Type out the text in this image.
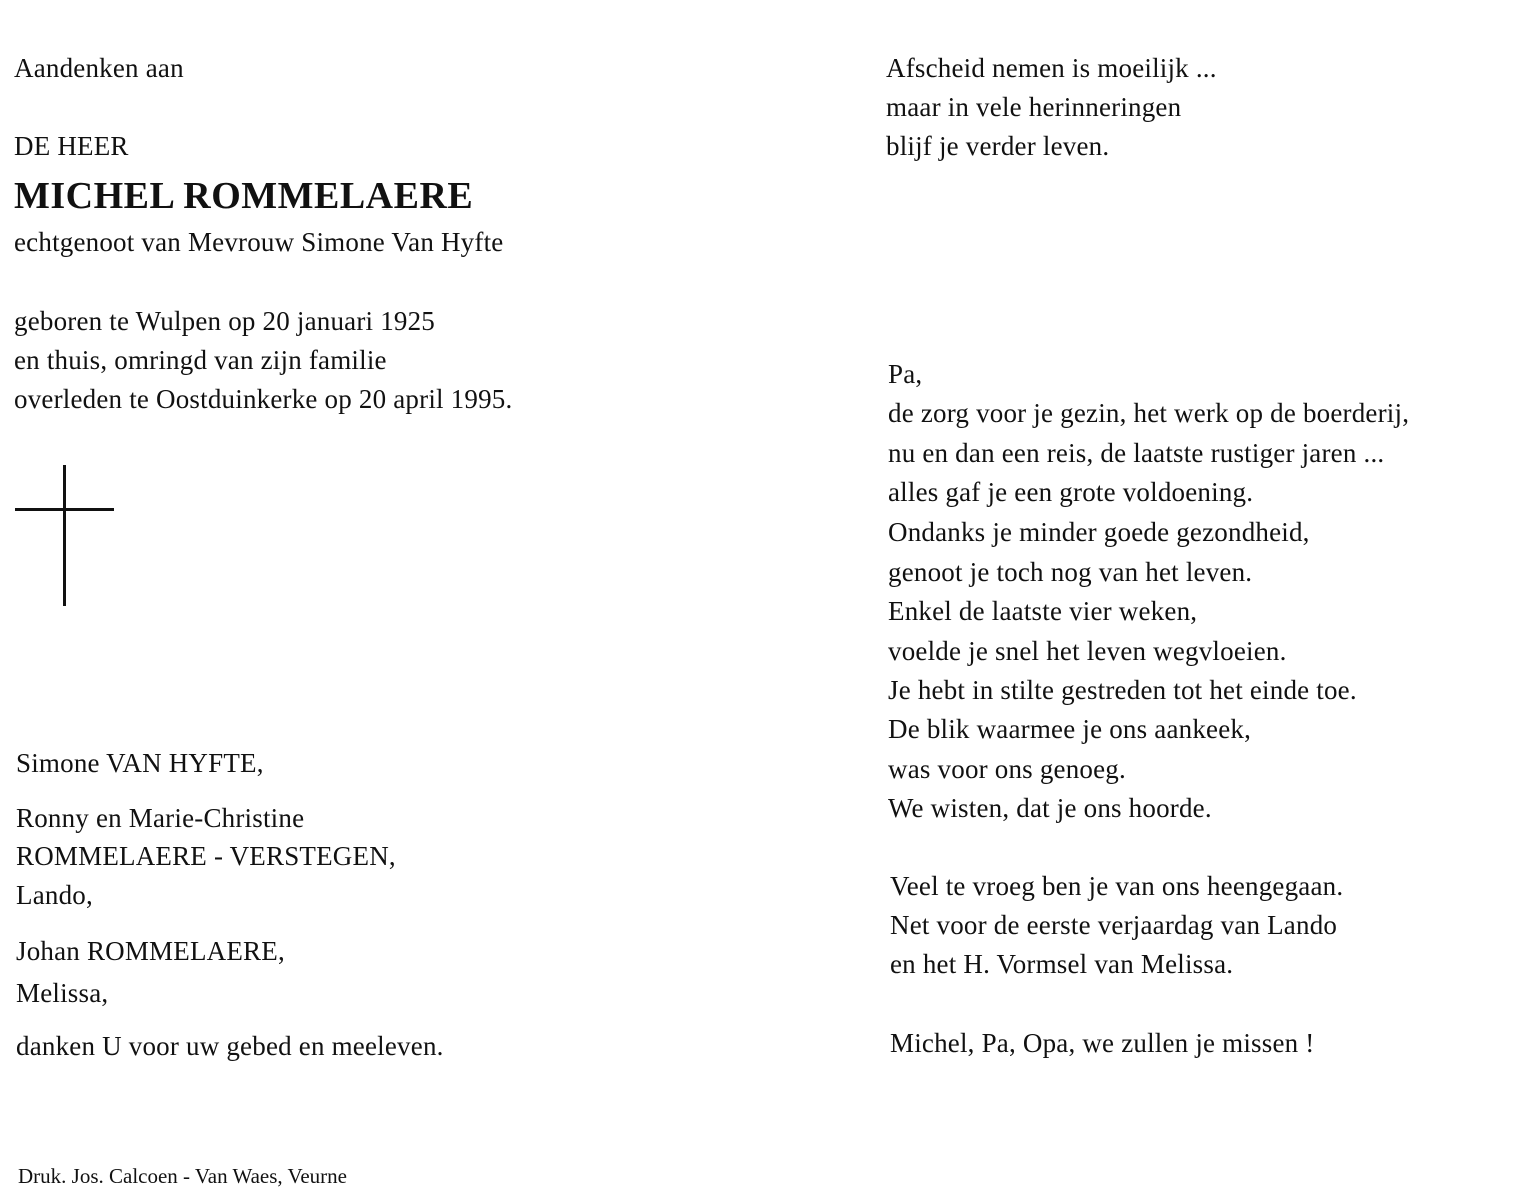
Aandenken aan
DE HEER
MICHEL ROMMELAERE
echtgenoot van Mevrouw Simone Van Hyfte
geboren te Wulpen op 20 januari 1925
en thuis, omringd van zijn familie
overleden te Oostduinkerke op 20 april 1995.
Simone VAN HYFTE,
Ronny en Marie-Christine
ROMMELAERE - VERSTEGEN,
Lando,
Johan ROMMELAERE,
Melissa,
danken U voor uw gebed en meeleven.
Druk. Jos. Calcoen - Van Waes, Veurne
Afscheid nemen is moeilijk ...
maar in vele herinneringen
blijf je verder leven.
Pa,
de zorg voor je gezin, het werk op de boerderij,
nu en dan een reis, de laatste rustiger jaren ...
alles gaf je een grote voldoening.
Ondanks je minder goede gezondheid,
genoot je toch nog van het leven.
Enkel de laatste vier weken,
voelde je snel het leven wegvloeien.
Je hebt in stilte gestreden tot het einde toe.
De blik waarmee je ons aankeek,
was voor ons genoeg.
We wisten, dat je ons hoorde.
Veel te vroeg ben je van ons heengegaan.
Net voor de eerste verjaardag van Lando
en het H. Vormsel van Melissa.
Michel, Pa, Opa, we zullen je missen !
